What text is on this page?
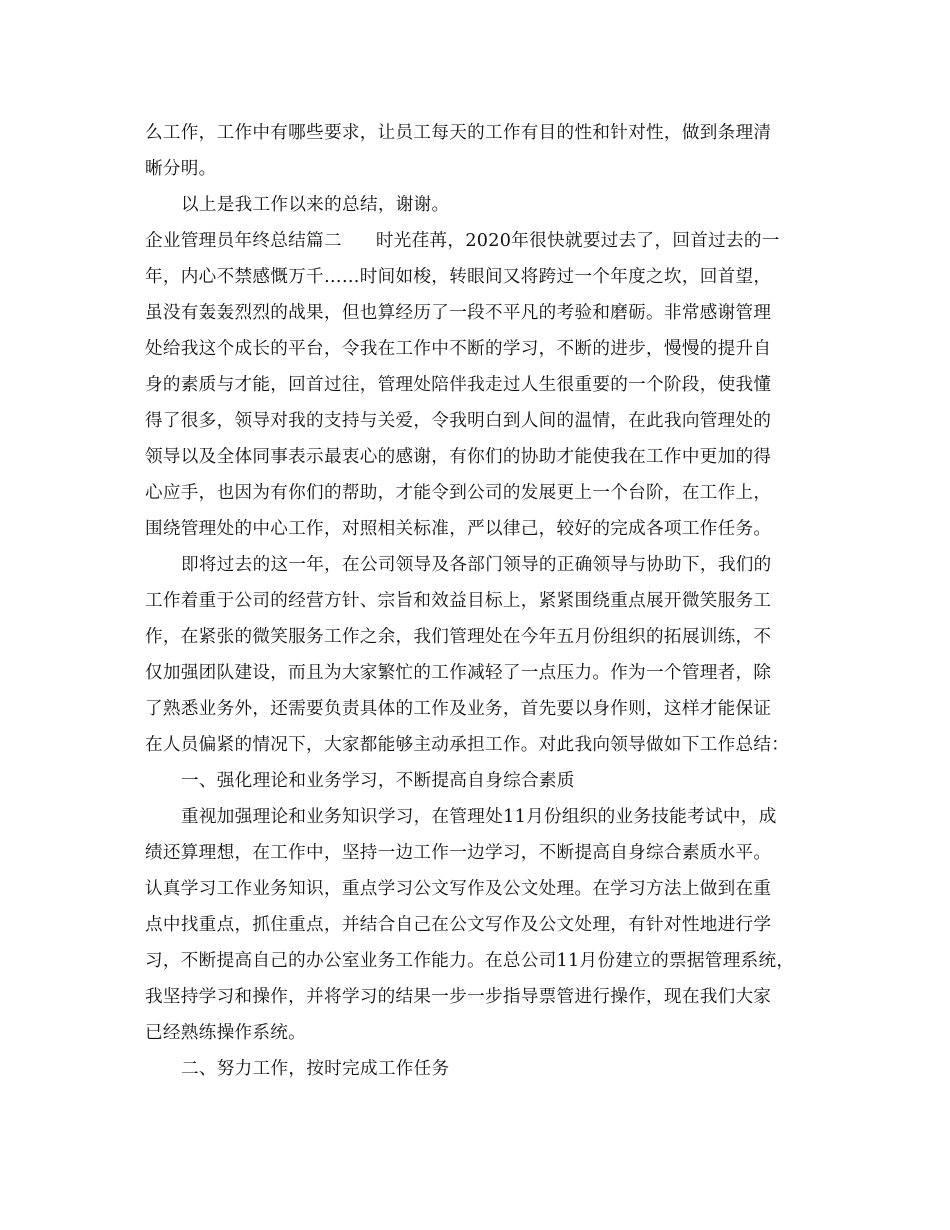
么工作，工作中有哪些要求，让员工每天的工作有目的性和针对性，做到条理清
晰分明。
以上是我工作以来的总结，谢谢。
企业管理员年终总结篇二 时光荏苒，2020年很快就要过去了，回首过去的一
年，内心不禁感慨万千……时间如梭，转眼间又将跨过一个年度之坎，回首望，
虽没有轰轰烈烈的战果，但也算经历了一段不平凡的考验和磨砺。非常感谢管理
处给我这个成长的平台，令我在工作中不断的学习，不断的进步，慢慢的提升自
身的素质与才能，回首过往，管理处陪伴我走过人生很重要的一个阶段，使我懂
得了很多，领导对我的支持与关爱，令我明白到人间的温情，在此我向管理处的
领导以及全体同事表示最衷心的感谢，有你们的协助才能使我在工作中更加的得
心应手，也因为有你们的帮助，才能令到公司的发展更上一个台阶，在工作上，
围绕管理处的中心工作，对照相关标准，严以律己，较好的完成各项工作任务。
即将过去的这一年，在公司领导及各部门领导的正确领导与协助下，我们的
工作着重于公司的经营方针、宗旨和效益目标上，紧紧围绕重点展开微笑服务工
作，在紧张的微笑服务工作之余，我们管理处在今年五月份组织的拓展训练，不
仅加强团队建设，而且为大家繁忙的工作减轻了一点压力。作为一个管理者，除
了熟悉业务外，还需要负责具体的工作及业务，首先要以身作则，这样才能保证
在人员偏紧的情况下，大家都能够主动承担工作。对此我向领导做如下工作总结：
一、强化理论和业务学习，不断提高自身综合素质
重视加强理论和业务知识学习，在管理处11月份组织的业务技能考试中，成
绩还算理想，在工作中，坚持一边工作一边学习，不断提高自身综合素质水平。
认真学习工作业务知识，重点学习公文写作及公文处理。在学习方法上做到在重
点中找重点，抓住重点，并结合自己在公文写作及公文处理，有针对性地进行学
习，不断提高自己的办公室业务工作能力。在总公司11月份建立的票据管理系统，
我坚持学习和操作，并将学习的结果一步一步指导票管进行操作，现在我们大家
已经熟练操作系统。
二、努力工作，按时完成工作任务
